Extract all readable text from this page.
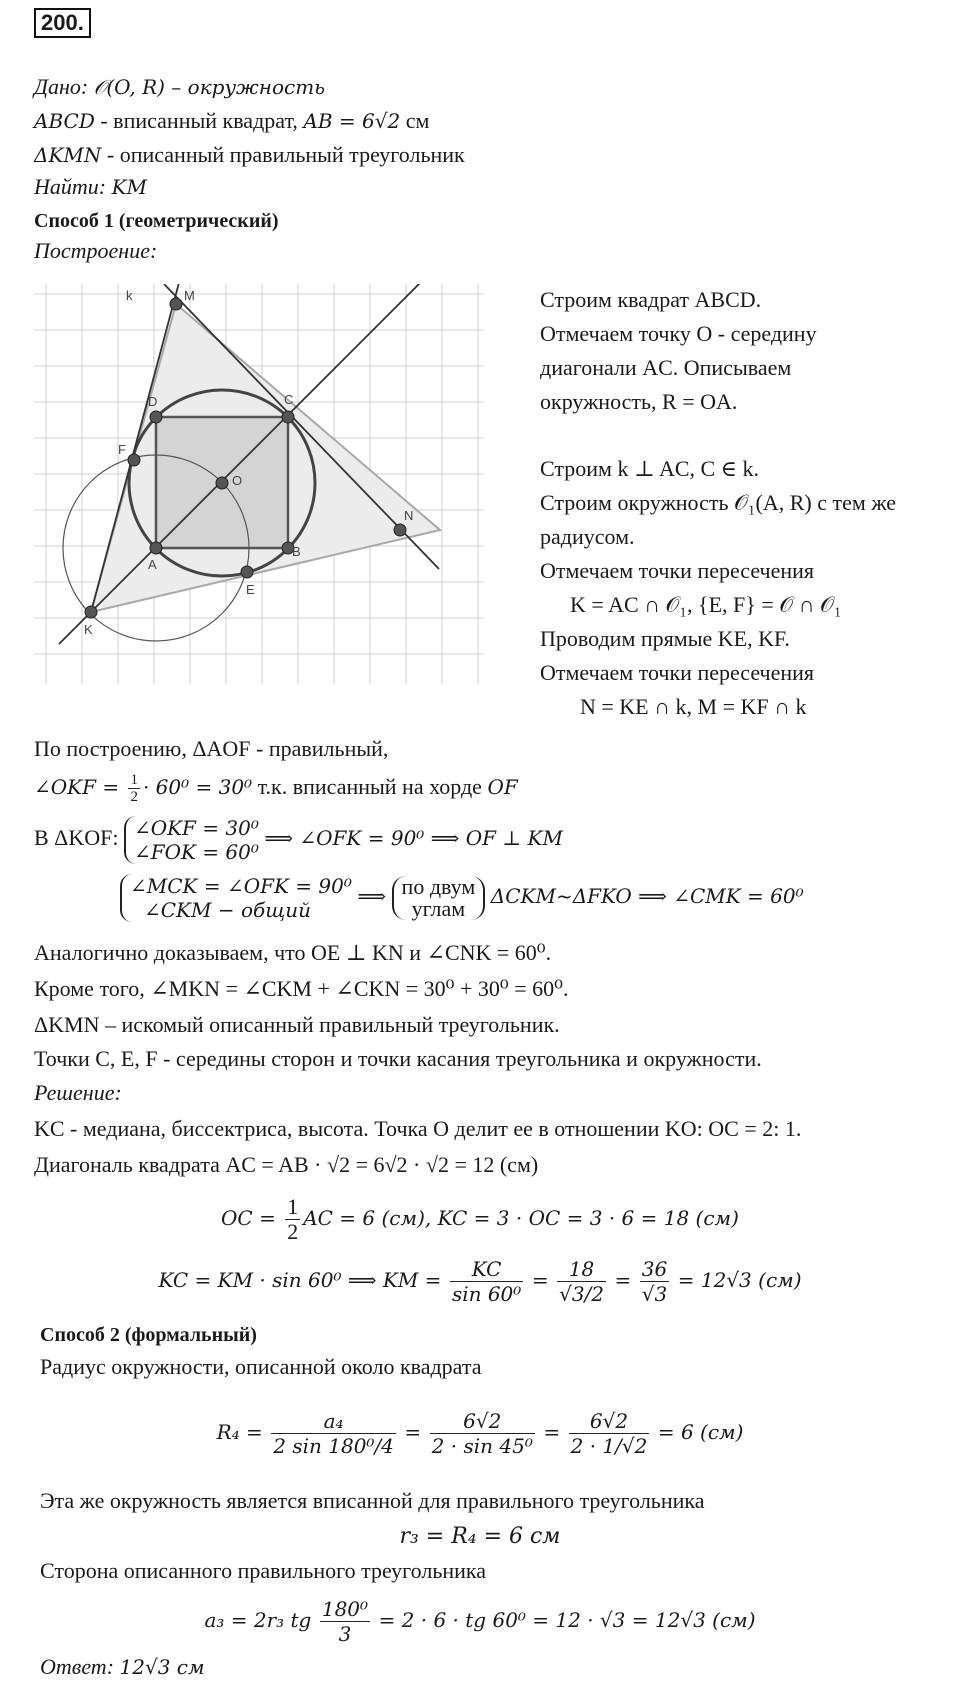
200.
Дано: 𝒪(O, R) – окружность
ABCD - вписанный квадрат, AB = 6√2 см
ΔKMN - описанный правильный треугольник
Найти: KM
Способ 1 (геометрический)
Построение:
k	M
D	C
F
O
N
A
B
E
K
Строим квадрат ABCD.
Отмечаем точку O - середину
диагонали AC. Описываем
окружность, R = OA.
Строим k ⊥ AC, C ∈ k.
Строим окружность 𝒪₁(A, R) с тем же
радиусом.
Отмечаем точки пересечения
K = AC ∩ 𝒪₁, {E, F} = 𝒪 ∩ 𝒪₁
Проводим прямые KE, KF.
Отмечаем точки пересечения
N = KE ∩ k, M = KF ∩ k
По построению, ΔAOF - правильный,
∠OKF = $\frac{1}{2} \cdot 60^0 = 30^0$ т.к. вписанный на хорде OF
В ΔKOF: ∠OKF = 30⁰
∠FOK = 60⁰
⟹ ∠OFK = 90⁰ ⟹ OF ⊥ KM
∠MCK = ∠OFK = 90⁰
∠CKM − общий
⟹ по двум
углам	ΔCKM~ΔFKO ⟹ ∠CMK = 60⁰
Аналогично доказываем, что OE ⊥ KN и ∠CNK = 60⁰.
Кроме того, ∠MKN = ∠CKM + ∠CKN = 30⁰ + 30⁰ = 60⁰.
ΔKMN – искомый описанный правильный треугольник.
Точки C, E, F - середины сторон и точки касания треугольника и окружности.
Решение:
KC - медиана, биссектриса, высота. Точка O делит ее в отношении KO: OC = 2: 1.
Диагональ квадрата AC = AB · √2 = 6√2 · √2 = 12 (см)
OC = $\frac{1}{2}$ AC = 6 (см), KC = 3 · OC = 3 · 6 = 18 (см)
KC = KM · sin 60⁰ ⟹ KM = $\frac{KC}{\text{sin 60⁰}} = \frac{18}{√3/2} = \frac{36}{√3} = 12√3$ (см)
Способ 2 (формальный)
Радиус окружности, описанной около квадрата
$R_4 = \frac{\text{a₄}}{\text{2 sin 180⁰/4}} = \frac{6√2}{\text{2 · sin 45⁰}} = \frac{6√2}{2 \cdot 1/√2} = 6$ (см)
Эта же окружность является вписанной для правильного треугольника
r₃ = R₄ = 6 см
Сторона описанного правильного треугольника
a₃ = 2r₃ tg $\frac{\text{180⁰}}{3} = 2 \cdot 6$ · tg 60⁰ = 12 · √3 = 12√3 (см)
Ответ: 12√3 см
